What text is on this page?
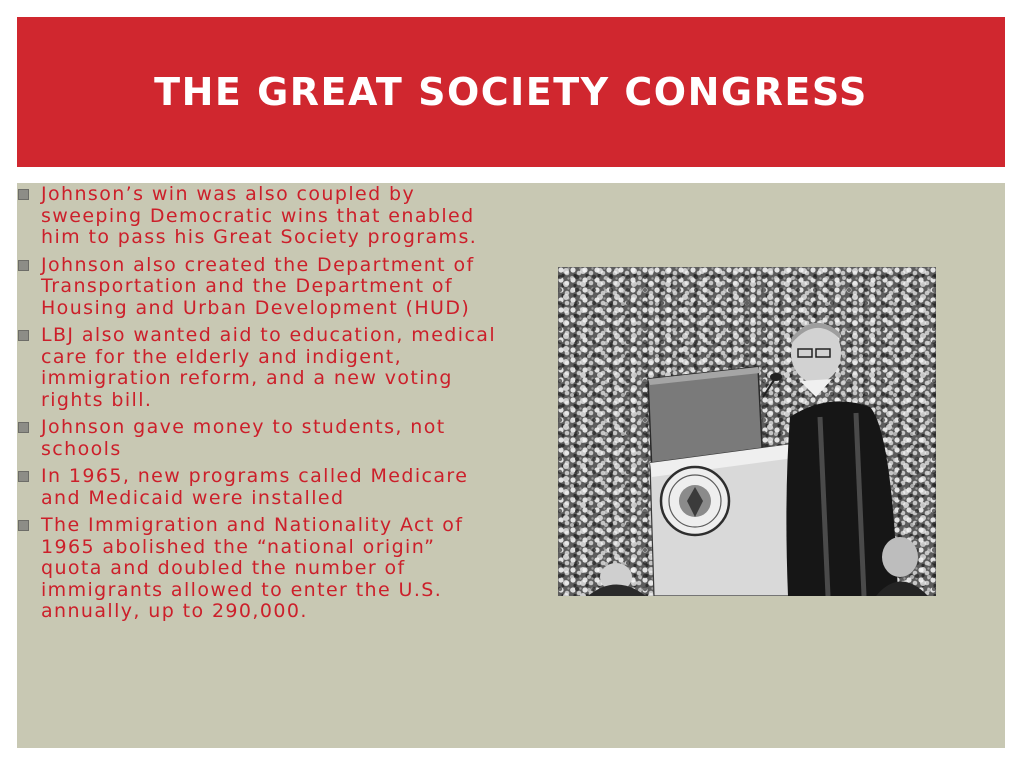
THE GREAT SOCIETY CONGRESS
Johnson’s win was also coupled by sweeping Democratic wins that enabled him to pass his Great Society programs.
Johnson also created the Department of Transportation and the Department of Housing and Urban Development (HUD)
LBJ also wanted aid to education, medical care for the elderly and indigent, immigration reform, and a new voting rights bill.
Johnson gave money to students, not schools
In 1965, new programs called Medicare and Medicaid were installed
The Immigration and Nationality Act of 1965 abolished the “national origin” quota and doubled the number of immigrants allowed to enter the U.S. annually, up to 290,000.
